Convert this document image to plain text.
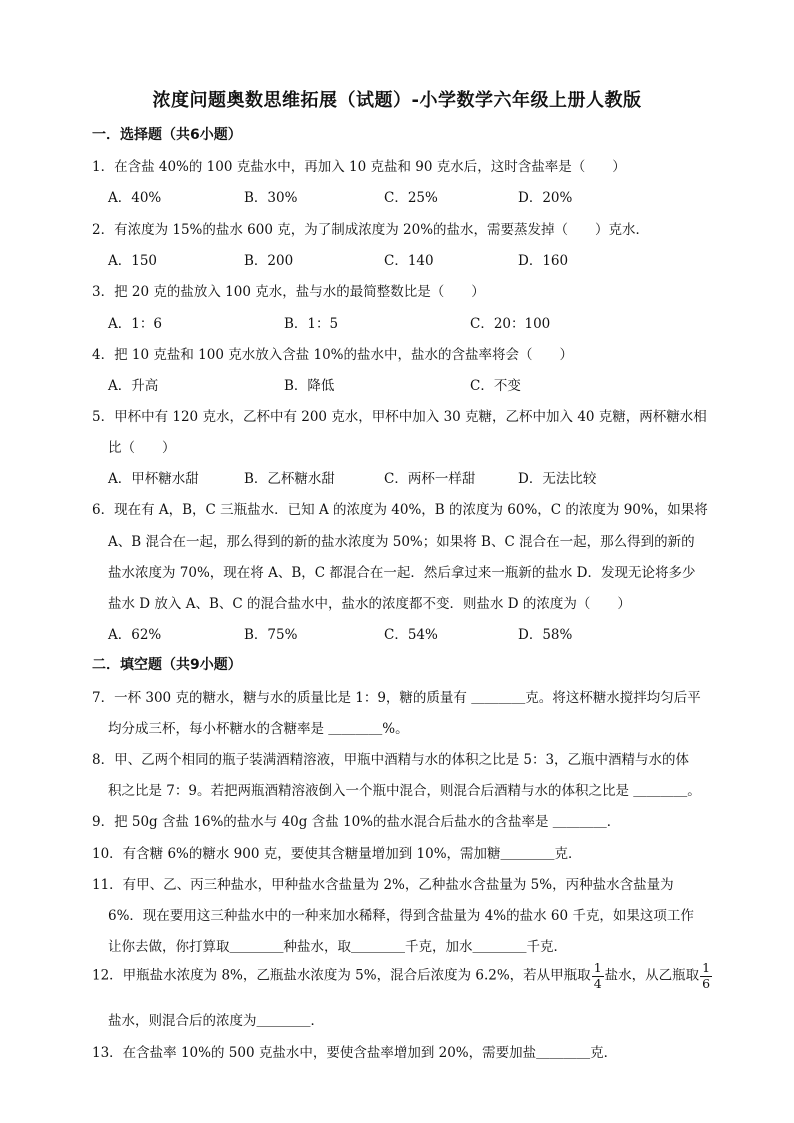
浓度问题奥数思维拓展（试题）-小学数学六年级上册人教版
一．选择题（共6小题）
1．在含盐 40%的 100 克盐水中，再加入 10 克盐和 90 克水后，这时含盐率是（　　）
A．40%	B．30%	C．25%	D．20%
2．有浓度为 15%的盐水 600 克，为了制成浓度为 20%的盐水，需要蒸发掉（　　）克水．
A．150	B．200	C．140	D．160
3．把 20 克的盐放入 100 克水，盐与水的最简整数比是（　　）
A．1：6	B．1：5	C．20：100
4．把 10 克盐和 100 克水放入含盐 10%的盐水中，盐水的含盐率将会（　　）
A．升高	B．降低	C．不变
5．甲杯中有 120 克水，乙杯中有 200 克水，甲杯中加入 30 克糖，乙杯中加入 40 克糖，两杯糖水相
比（　　）
A．甲杯糖水甜	B．乙杯糖水甜	C．两杯一样甜	D．无法比较
6．现在有 A，B，C 三瓶盐水．已知 A 的浓度为 40%，B 的浓度为 60%，C 的浓度为 90%，如果将
A、B 混合在一起，那么得到的新的盐水浓度为 50%；如果将 B、C 混合在一起，那么得到的新的
盐水浓度为 70%，现在将 A、B，C 都混合在一起．然后拿过来一瓶新的盐水 D．发现无论将多少
盐水 D 放入 A、B、C 的混合盐水中，盐水的浓度都不变．则盐水 D 的浓度为（　　）
A．62%	B．75%	C．54%	D．58%
二．填空题（共9小题）
7．一杯 300 克的糖水，糖与水的质量比是 1：9，糖的质量有 ＿＿＿＿克。将这杯糖水搅拌均匀后平
均分成三杯，每小杯糖水的含糖率是 ＿＿＿＿%。
8．甲、乙两个相同的瓶子装满酒精溶液，甲瓶中酒精与水的体积之比是 5：3，乙瓶中酒精与水的体
积之比是 7：9。若把两瓶酒精溶液倒入一个瓶中混合，则混合后酒精与水的体积之比是 ＿＿＿＿。
9．把 50g 含盐 16%的盐水与 40g 含盐 10%的盐水混合后盐水的含盐率是 ＿＿＿＿．
10．有含糖 6%的糖水 900 克，要使其含糖量增加到 10%，需加糖＿＿＿＿克．
11．有甲、乙、丙三种盐水，甲种盐水含盐量为 2%，乙种盐水含盐量为 5%，丙种盐水含盐量为
6%．现在要用这三种盐水中的一种来加水稀释，得到含盐量为 4%的盐水 60 千克，如果这项工作
让你去做，你打算取＿＿＿＿种盐水，取＿＿＿＿千克，加水＿＿＿＿千克．
12．甲瓶盐水浓度为 8%，乙瓶盐水浓度为 5%，混合后浓度为 6.2%，若从甲瓶取 $\frac{1}{4}$ 盐水，从乙瓶取 $\frac{1}{6}$
盐水，则混合后的浓度为＿＿＿＿．
13．在含盐率 10%的 500 克盐水中，要使含盐率增加到 20%，需要加盐＿＿＿＿克．
